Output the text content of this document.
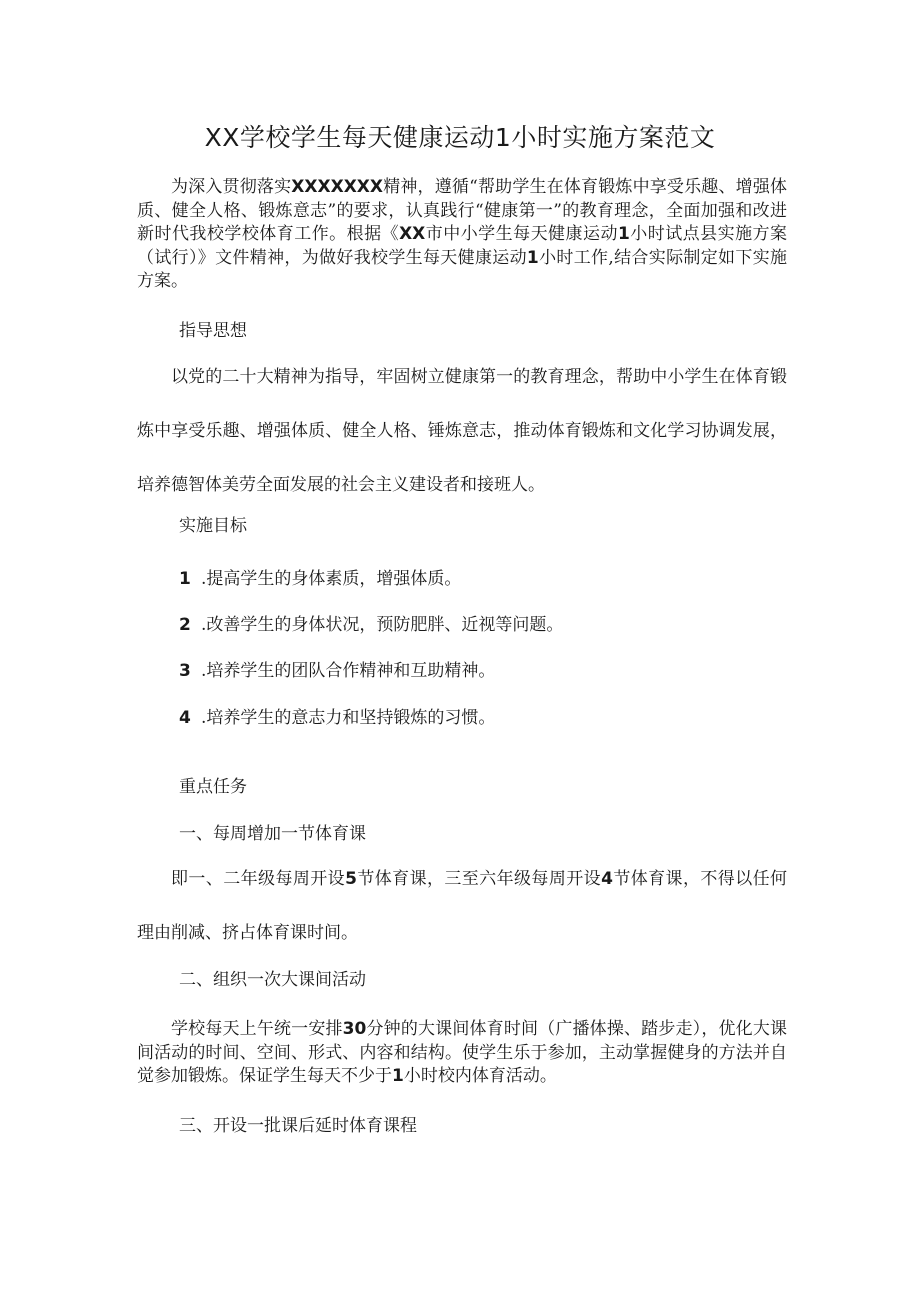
XX学校学生每天健康运动1小时实施方案范文

为深入贯彻落实XXXXXXX精神，遵循“帮助学生在体育锻炼中享受乐趣、增强体质、健全人格、锻炼意志”的要求，认真践行“健康第一”的教育理念，全面加强和改进新时代我校学校体育工作。根据《XX市中小学生每天健康运动1小时试点县实施方案（试行）》文件精神，为做好我校学生每天健康运动1小时工作,结合实际制定如下实施方案。

指导思想

以党的二十大精神为指导，牢固树立健康第一的教育理念，帮助中小学生在体育锻炼中享受乐趣、增强体质、健全人格、锤炼意志，推动体育锻炼和文化学习协调发展，培养德智体美劳全面发展的社会主义建设者和接班人。

实施目标

1 .提高学生的身体素质，增强体质。

2 .改善学生的身体状况，预防肥胖、近视等问题。

3 .培养学生的团队合作精神和互助精神。

4 .培养学生的意志力和坚持锻炼的习惯。

重点任务

一、每周增加一节体育课

即一、二年级每周开设5节体育课，三至六年级每周开设4节体育课，不得以任何理由削减、挤占体育课时间。

二、组织一次大课间活动

学校每天上午统一安排30分钟的大课间体育时间（广播体操、踏步走），优化大课间活动的时间、空间、形式、内容和结构。使学生乐于参加，主动掌握健身的方法并自觉参加锻炼。保证学生每天不少于1小时校内体育活动。

三、开设一批课后延时体育课程
